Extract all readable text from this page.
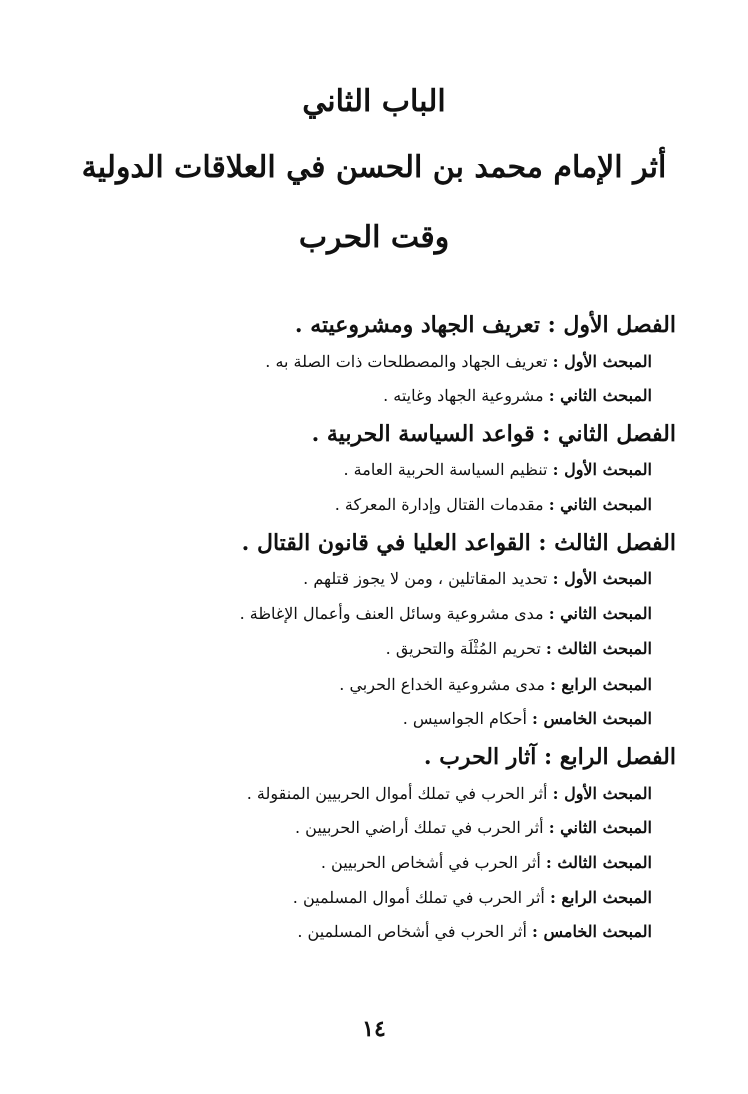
الباب الثاني
أثر الإمام محمد بن الحسن في العلاقات الدولية
وقت الحرب
الفصل الأول : تعريف الجهاد ومشروعيته .
المبحث الأول : تعريف الجهاد والمصطلحات ذات الصلة به .
المبحث الثاني : مشروعية الجهاد وغايته .
الفصل الثاني : قواعد السياسة الحربية .
المبحث الأول : تنظيم السياسة الحربية العامة .
المبحث الثاني : مقدمات القتال وإدارة المعركة .
الفصل الثالث : القواعد العليا في قانون القتال .
المبحث الأول : تحديد المقاتلين ، ومن لا يجوز قتلهم .
المبحث الثاني : مدى مشروعية وسائل العنف وأعمال الإغاظة .
المبحث الثالث : تحريم المُثْلَة والتحريق .
المبحث الرابع : مدى مشروعية الخداع الحربي .
المبحث الخامس : أحكام الجواسيس .
الفصل الرابع : آثار الحرب .
المبحث الأول : أثر الحرب في تملك أموال الحربيين المنقولة .
المبحث الثاني : أثر الحرب في تملك أراضي الحربيين .
المبحث الثالث : أثر الحرب في أشخاص الحربيين .
المبحث الرابع : أثر الحرب في تملك أموال المسلمين .
المبحث الخامس : أثر الحرب في أشخاص المسلمين .
١٤
